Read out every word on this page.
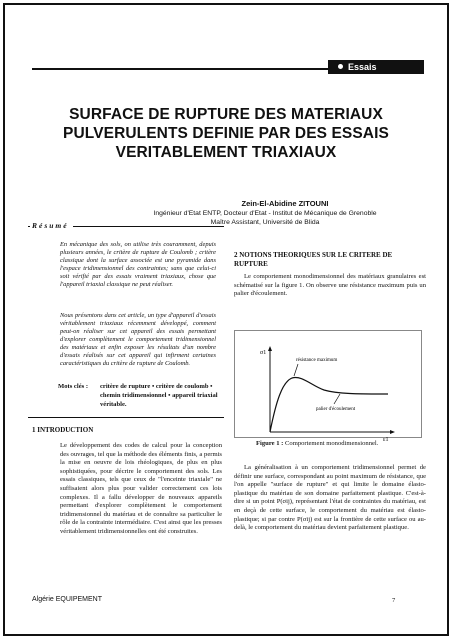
Essais
SURFACE DE RUPTURE DES MATERIAUX PULVERULENTS DEFINIE PAR DES ESSAIS VERITABLEMENT TRIAXIAUX
Zein-El-Abidine ZITOUNI
Ingénieur d'Etat ENTP, Docteur d'Etat - Institut de Mécanique de Grenoble
Maître Assistant, Université de Blida
Résumé
En mécanique des sols, on utilise très couramment, depuis plusieurs années, le critère de rupture de Coulomb ; critère classique dont la surface associée est une pyramide dans l'espace tridimensionnel des contraintes; sans que celui-ci soit vérifié par des essais vraiment triaxiaux, chose que l'appareil triaxial classique ne peut réaliser.
Nous présentons dans cet article, un type d'appareil d'essais véritablement triaxiaux récemment développé, comment peut-on réaliser sur cet appareil des essais permettant d'explorer complètement le comportement tridimensionnel des matériaux et enfin exposer les résultats d'un nombre d'essais réalisés sur cet appareil qui infirment certaines caractéristiques du critère de rupture de Coulomb.
Mots clés :	critère de rupture • critère de coulomb • chemin tridimensionnel • appareil triaxial véritable.
1 INTRODUCTION
Le développement des codes de calcul pour la conception des ouvrages, tel que la méthode des éléments finis, a permis la mise en oeuvre de lois rhéologiques, de plus en plus sophistiquées, pour décrire le comportement des sols. Les essais classiques, tels que ceux de "l'enceinte triaxiale" ne suffisaient alors plus pour valider correctement ces lois complexes. Il a fallu développer de nouveaux appareils permettant d'explorer complètement le comportement tridimensionnel du matériau et de connaître sa particulier le rôle de la contrainte intermédiaire. C'est ainsi que les presses véritablement tridimensionnelles ont été construites.
2 NOTIONS THEORIQUES SUR LE CRITERE DE RUPTURE
Le comportement monodimensionnel des matériaux granulaires est schématisé sur la figure 1. On observe une résistance maximum puis un palier d'écoulement.
σ1
ε1
résistance maximum
palier d'écoulement
Figure 1 : Comportement monodimensionnel.
La généralisation à un comportement tridimensionnel permet de définir une surface, correspondant au point maximum de résistance, que l'on appelle "surface de rupture" et qui limite le domaine élasto-plastique du matériau de son domaine parfaitement plastique. C'est-à-dire si un point P(σij), représentant l'état de contraintes du matériau, est en deçà de cette surface, le comportement du matériau est élasto-plastique; si par contre P(σij) est sur la frontière de cette surface ou au-delà, le comportement du matériau devient parfaitement plastique.
Algérie EQUIPEMENT	7
